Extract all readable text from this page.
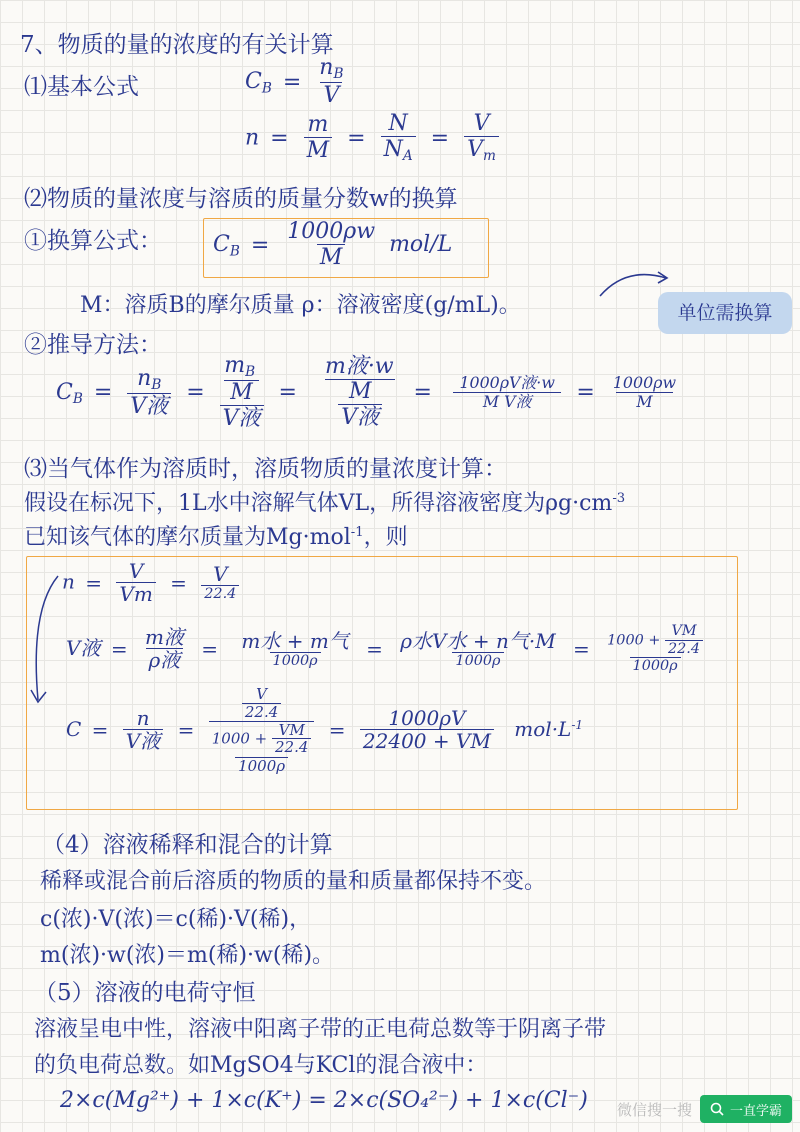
7、物质的量的浓度的有关计算
⑴基本公式	$C_B = \frac{n_B}{V}$
$n = \frac{m}{M} = \frac{N}{N_A} = \frac{V}{V_m}$
⑵物质的量浓度与溶质的质量分数w的换算
①换算公式： $C_B = \frac{1000\rho w}{M} mol/L$
M：溶质B的摩尔质量 ρ：溶液密度(g/mL)。	单位需换算
②推导方法：
$C_B = \frac{n_B}{\text{V液}}$ =
$m_B$
M
V液
=
m液·w
M
V液
= $\frac{\text{1000ρV液·w}}{\text{M V液}} = \frac{1000\rho w}{M}$
⑶当气体作为溶质时，溶质物质的量浓度计算：
假设在标况下，1L水中溶解气体VL，所得溶液密度为$\rho g\cdot cm^{-3}$
已知该气体的摩尔质量为Mg·mol$^{-1}$，则
$n = \frac{V}{Vm} = \frac{V}{22.4}$
V液 = $\frac{\text{m液}}{\text{ρ液}} = \frac{\text{m水 + m气}}{1000\rho} = \frac{\text{ρ水V水 + n气·M}}{1000\rho} = \frac{1000 + \frac{VM}{22.4}}{1000\rho}$
$C = \frac{n}{\text{V液}}$ =
$\frac{V}{22.4}$
$1000 + \frac{VM}{22.4}$
1000ρ
= $\frac{1000\rho V}{22400 + VM} mol\cdot L^{-1}$
（4）溶液稀释和混合的计算
稀释或混合前后溶质的物质的量和质量都保持不变。
c(浓)·V(浓)＝c(稀)·V(稀)，
m(浓)·w(浓)＝m(稀)·w(稀)。
（5）溶液的电荷守恒
溶液呈电中性，溶液中阳离子带的正电荷总数等于阴离子带
的负电荷总数。如MgSO4与KCl的混合液中：
2×c(Mg²⁺) + 1×c(K⁺) = 2×c(SO₄²⁻) + 1×c(Cl⁻) 微信搜一搜	一直学霸
